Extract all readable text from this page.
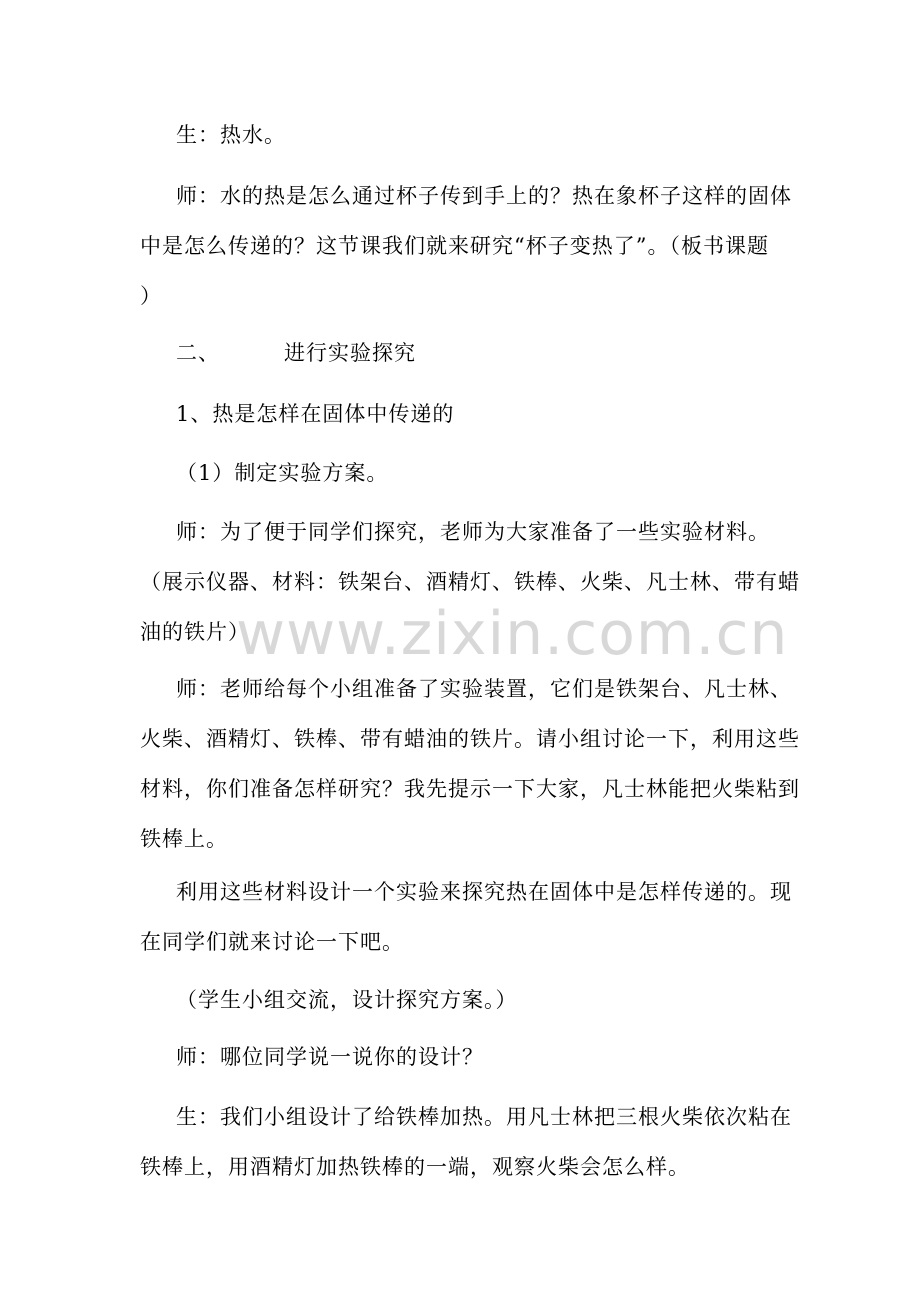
生：热水。
师：水的热是怎么通过杯子传到手上的？热在象杯子这样的固体
中是怎么传递的？这节课我们就来研究“杯子变热了”。（板书课题
）
二、	进行实验探究
1、热是怎样在固体中传递的
（1）制定实验方案。
师：为了便于同学们探究，老师为大家准备了一些实验材料。
（展示仪器、材料：铁架台、酒精灯、铁棒、火柴、凡士林、带有蜡
油的铁片）
师：老师给每个小组准备了实验装置，它们是铁架台、凡士林、
火柴、酒精灯、铁棒、带有蜡油的铁片。请小组讨论一下，利用这些
材料，你们准备怎样研究？我先提示一下大家，凡士林能把火柴粘到
铁棒上。
利用这些材料设计一个实验来探究热在固体中是怎样传递的。现
在同学们就来讨论一下吧。
（学生小组交流，设计探究方案。）
师：哪位同学说一说你的设计？
生：我们小组设计了给铁棒加热。用凡士林把三根火柴依次粘在
铁棒上，用酒精灯加热铁棒的一端，观察火柴会怎么样。
www.zixin.com.cn
